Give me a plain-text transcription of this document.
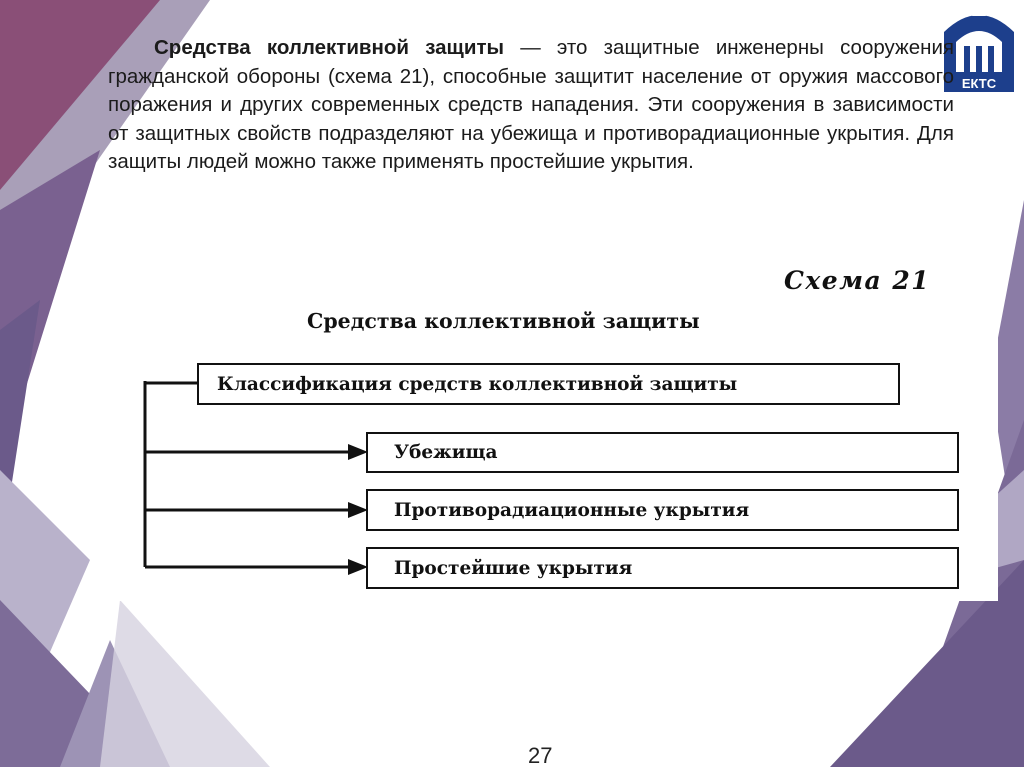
ЕКТС

Средства коллективной защиты — это защитные инженерны сооружения гражданской обороны (схема 21), способные защитит население от оружия массового поражения и других современных средств нападения. Эти сооружения в зависимости от защитных свойств подразделяют на убежища и противорадиационные укрытия. Для защиты людей можно также применять простейшие укрытия.

Схема 21
Средства коллективной защиты
Классификация средств коллективной защиты
Убежища
Противорадиационные укрытия
Простейшие укрытия
27
